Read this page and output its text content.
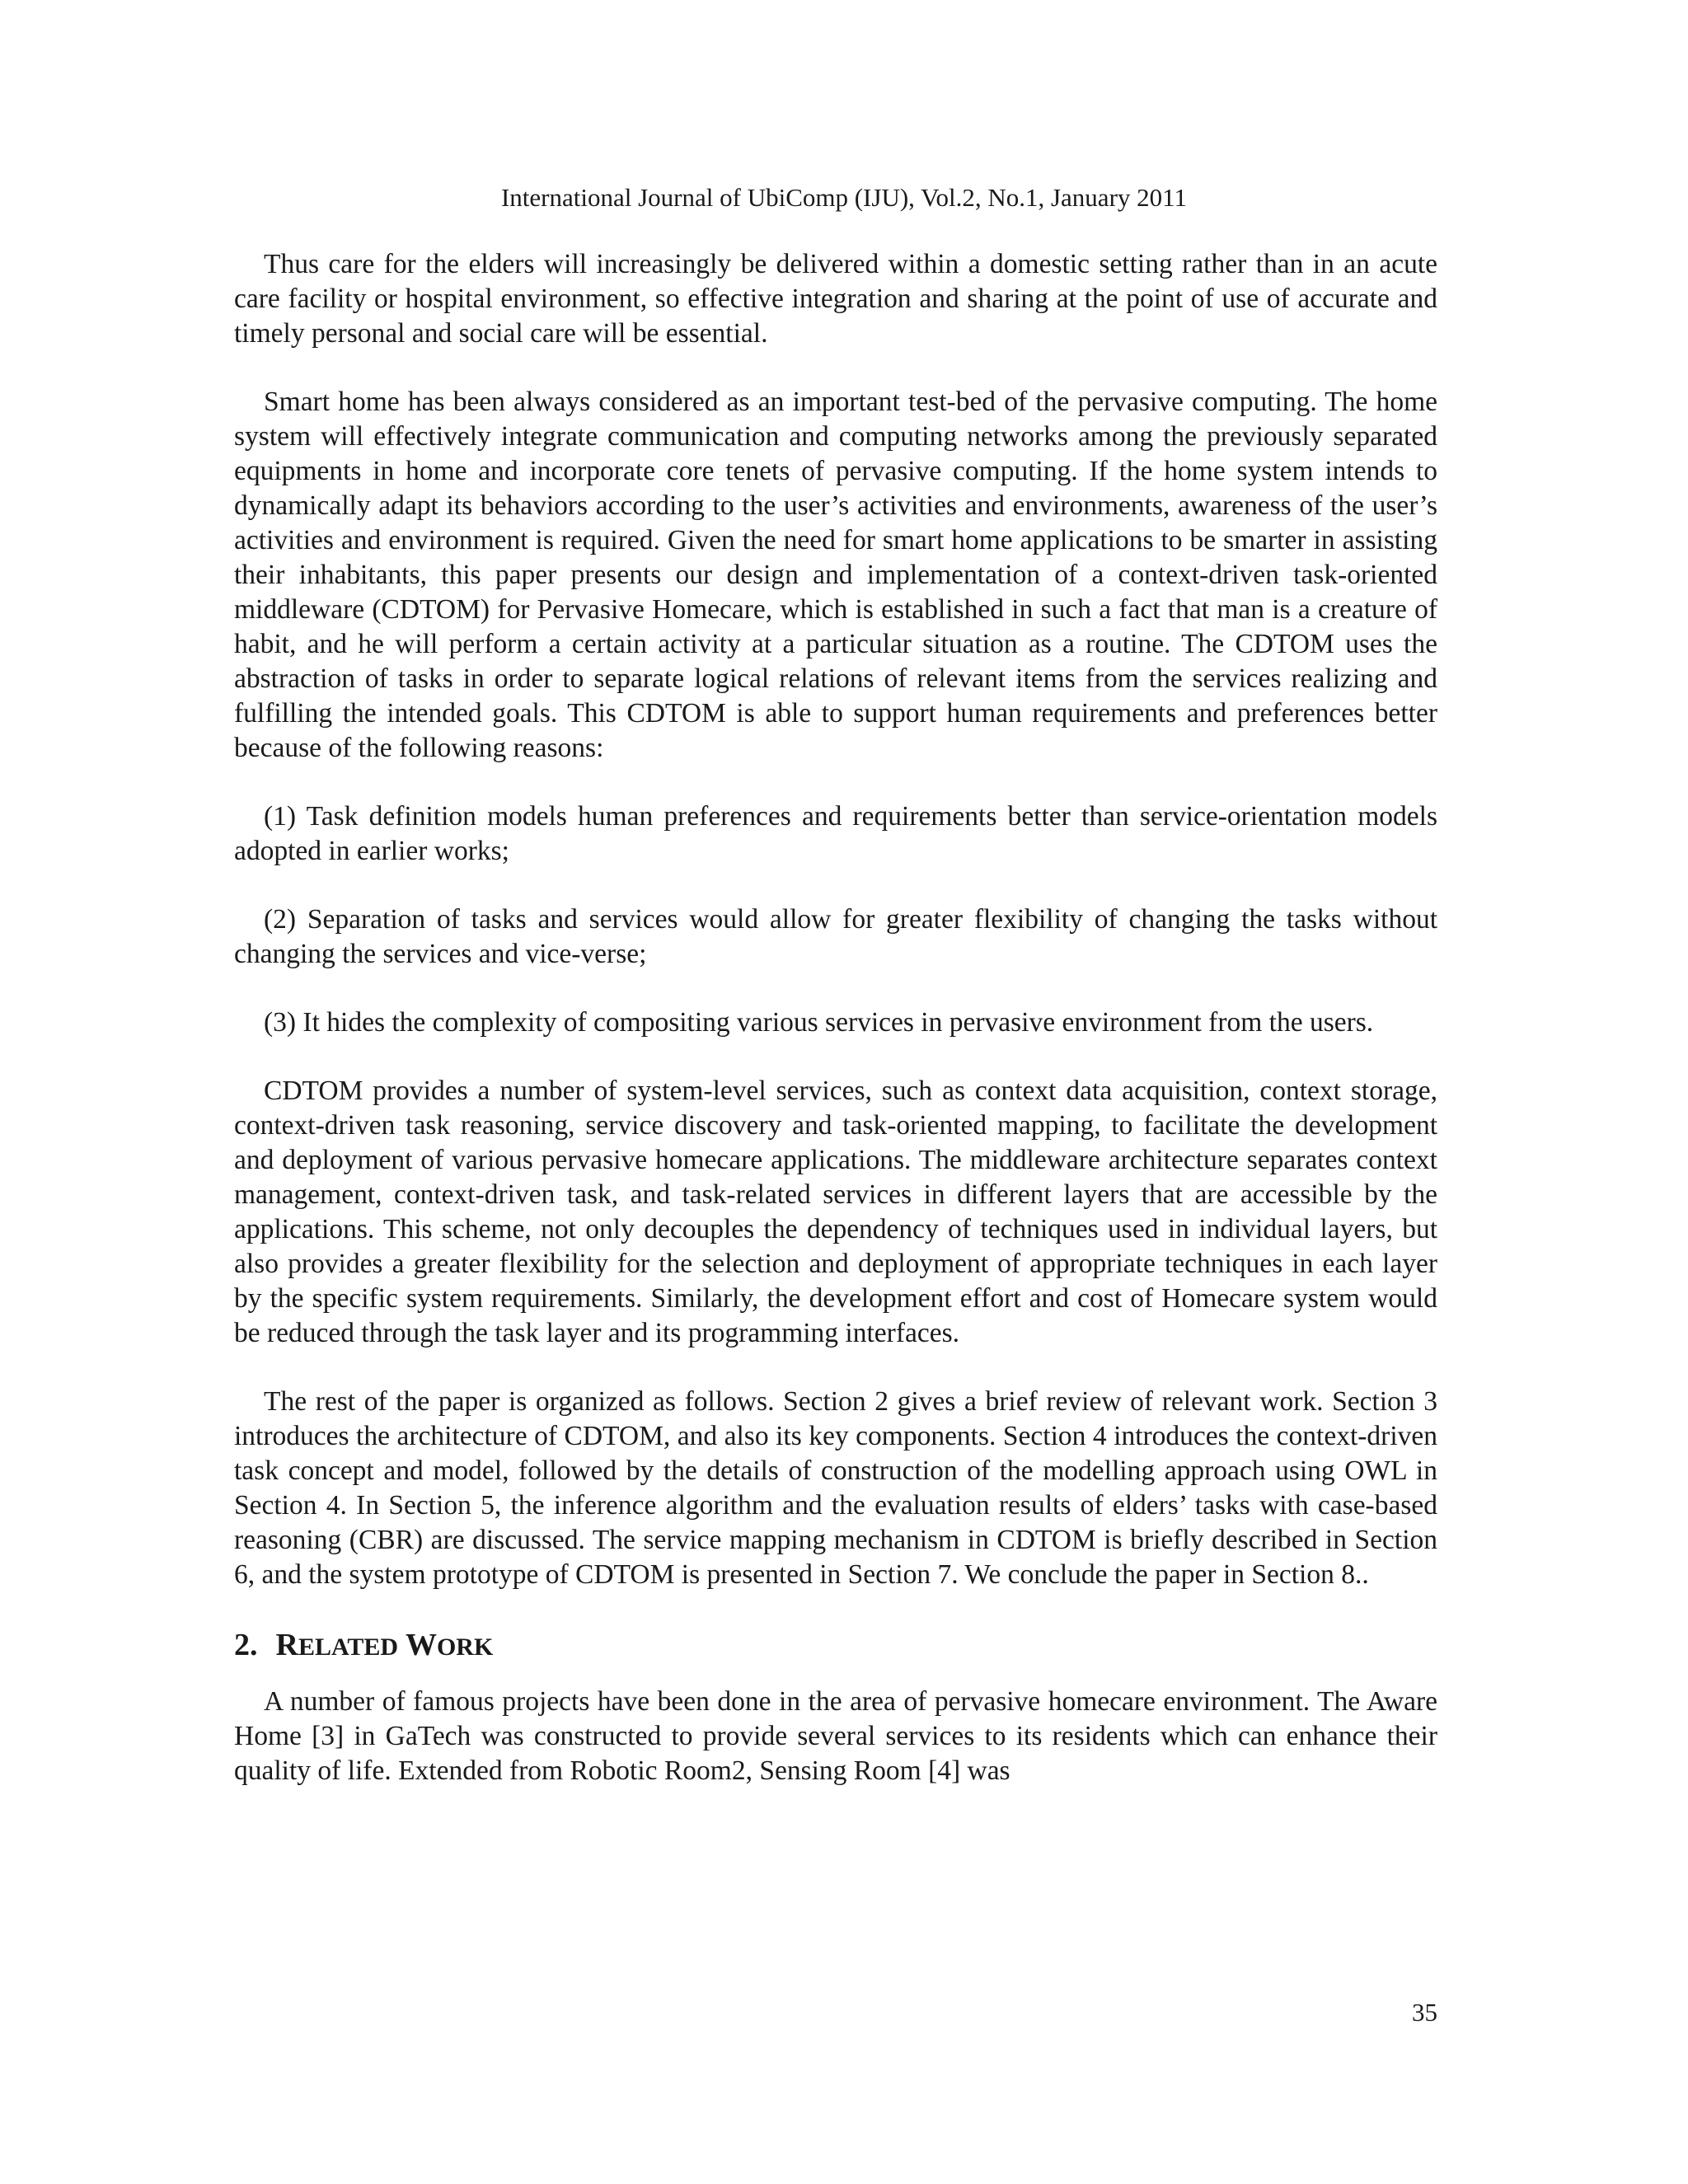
International Journal of UbiComp (IJU), Vol.2, No.1, January 2011

Thus care for the elders will increasingly be delivered within a domestic setting rather than in an acute care facility or hospital environment, so effective integration and sharing at the point of use of accurate and timely personal and social care will be essential.

Smart home has been always considered as an important test-bed of the pervasive computing. The home system will effectively integrate communication and computing networks among the previously separated equipments in home and incorporate core tenets of pervasive computing. If the home system intends to dynamically adapt its behaviors according to the user’s activities and environments, awareness of the user’s activities and environment is required. Given the need for smart home applications to be smarter in assisting their inhabitants, this paper presents our design and implementation of a context-driven task-oriented middleware (CDTOM) for Pervasive Homecare, which is established in such a fact that man is a creature of habit, and he will perform a certain activity at a particular situation as a routine. The CDTOM uses the abstraction of tasks in order to separate logical relations of relevant items from the services realizing and fulfilling the intended goals. This CDTOM is able to support human requirements and preferences better because of the following reasons:

(1) Task definition models human preferences and requirements better than service-orientation models adopted in earlier works;

(2) Separation of tasks and services would allow for greater flexibility of changing the tasks without changing the services and vice-verse;

(3) It hides the complexity of compositing various services in pervasive environment from the users.

CDTOM provides a number of system-level services, such as context data acquisition, context storage, context-driven task reasoning, service discovery and task-oriented mapping, to facilitate the development and deployment of various pervasive homecare applications. The middleware architecture separates context management, context-driven task, and task-related services in different layers that are accessible by the applications. This scheme, not only decouples the dependency of techniques used in individual layers, but also provides a greater flexibility for the selection and deployment of appropriate techniques in each layer by the specific system requirements. Similarly, the development effort and cost of Homecare system would be reduced through the task layer and its programming interfaces.

The rest of the paper is organized as follows. Section 2 gives a brief review of relevant work. Section 3 introduces the architecture of CDTOM, and also its key components. Section 4 introduces the context-driven task concept and model, followed by the details of construction of the modelling approach using OWL in Section 4. In Section 5, the inference algorithm and the evaluation results of elders’ tasks with case-based reasoning (CBR) are discussed. The service mapping mechanism in CDTOM is briefly described in Section 6, and the system prototype of CDTOM is presented in Section 7. We conclude the paper in Section 8..

2. RELATED WORK

A number of famous projects have been done in the area of pervasive homecare environment. The Aware Home [3] in GaTech was constructed to provide several services to its residents which can enhance their quality of life. Extended from Robotic Room2, Sensing Room [4] was

35
